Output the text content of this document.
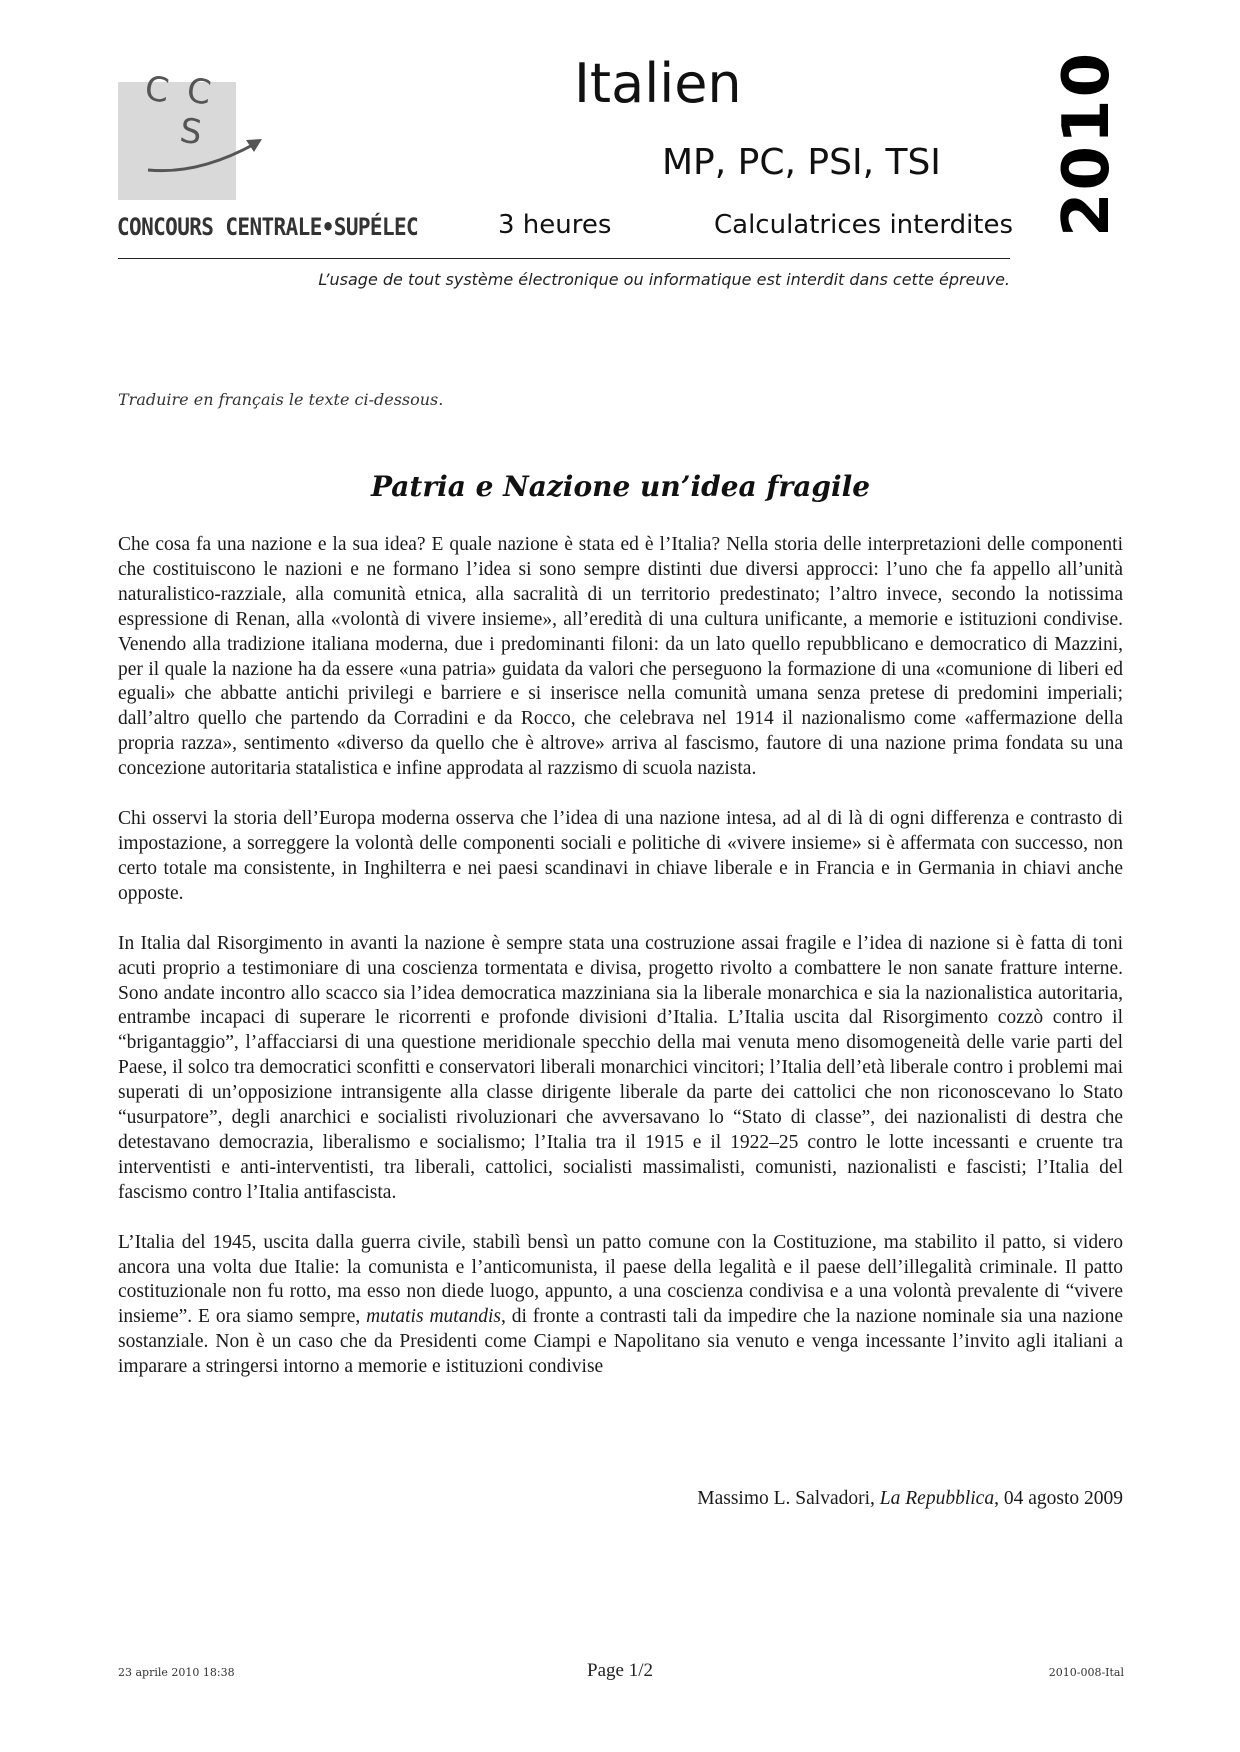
C C
S
CONCOURS CENTRALE•SUPÉLEC
Italien
MP, PC, PSI, TSI
3 heures	Calculatrices interdites 2010
L’usage de tout système électronique ou informatique est interdit dans cette épreuve.
Traduire en français le texte ci-dessous.
Patria e Nazione un’idea fragile

Che cosa fa una nazione e la sua idea? E quale nazione è stata ed è l’Italia? Nella storia delle interpretazioni delle componenti che costituiscono le nazioni e ne formano l’idea si sono sempre distinti due diversi approcci: l’uno che fa appello all’unità naturalistico-razziale, alla comunità etnica, alla sacralità di un territorio predestinato; l’altro invece, secondo la notissima espressione di Renan, alla «volontà di vivere insieme», all’eredità di una cultura unificante, a memorie e istituzioni condivise. Venendo alla tradizione italiana moderna, due i predominanti filoni: da un lato quello repubblicano e democratico di Mazzini, per il quale la nazione ha da essere «una patria» guidata da valori che perseguono la formazione di una «comunione di liberi ed eguali» che abbatte antichi privilegi e barriere e si inserisce nella comunità umana senza pretese di predomini imperiali; dall’altro quello che partendo da Corradini e da Rocco, che celebrava nel 1914 il nazionalismo come «affermazione della propria razza», sentimento «diverso da quello che è altrove» arriva al fascismo, fautore di una nazione prima fondata su una concezione autoritaria statalistica e infine approdata al razzismo di scuola nazista.

Chi osservi la storia dell’Europa moderna osserva che l’idea di una nazione intesa, ad al di là di ogni differenza e contrasto di impostazione, a sorreggere la volontà delle componenti sociali e politiche di «vivere insieme» si è affermata con successo, non certo totale ma consistente, in Inghilterra e nei paesi scandinavi in chiave liberale e in Francia e in Germania in chiavi anche opposte.

In Italia dal Risorgimento in avanti la nazione è sempre stata una costruzione assai fragile e l’idea di nazione si è fatta di toni acuti proprio a testimoniare di una coscienza tormentata e divisa, progetto rivolto a combattere le non sanate fratture interne. Sono andate incontro allo scacco sia l’idea democratica mazziniana sia la liberale monarchica e sia la nazionalistica autoritaria, entrambe incapaci di superare le ricorrenti e profonde divisioni d’Italia. L’Italia uscita dal Risorgimento cozzò contro il “brigantaggio”, l’affacciarsi di una questione meridionale specchio della mai venuta meno disomogeneità delle varie parti del Paese, il solco tra democratici sconfitti e conservatori liberali monarchici vincitori; l’Italia dell’età liberale contro i problemi mai superati di un’opposizione intransigente alla classe dirigente liberale da parte dei cattolici che non riconoscevano lo Stato “usurpatore”, degli anarchici e socialisti rivoluzionari che avversavano lo “Stato di classe”, dei nazionalisti di destra che detestavano democrazia, liberalismo e socialismo; l’Italia tra il 1915 e il 1922–25 contro le lotte incessanti e cruente tra interventisti e anti-interventisti, tra liberali, cattolici, socialisti massimalisti, comunisti, nazionalisti e fascisti; l’Italia del fascismo contro l’Italia antifascista.

L’Italia del 1945, uscita dalla guerra civile, stabilì bensì un patto comune con la Costituzione, ma stabilito il patto, si videro ancora una volta due Italie: la comunista e l’anticomunista, il paese della legalità e il paese dell’illegalità criminale. Il patto costituzionale non fu rotto, ma esso non diede luogo, appunto, a una coscienza condivisa e a una volontà prevalente di “vivere insieme”. E ora siamo sempre, mutatis mutandis, di fronte a contrasti tali da impedire che la nazione nominale sia una nazione sostanziale. Non è un caso che da Presidenti come Ciampi e Napolitano sia venuto e venga incessante l’invito agli italiani a imparare a stringersi intorno a memorie e istituzioni condivise

Massimo L. Salvadori, La Repubblica, 04 agosto 2009
23 aprile 2010 18:38	Page 1/2	2010-008-Ital
